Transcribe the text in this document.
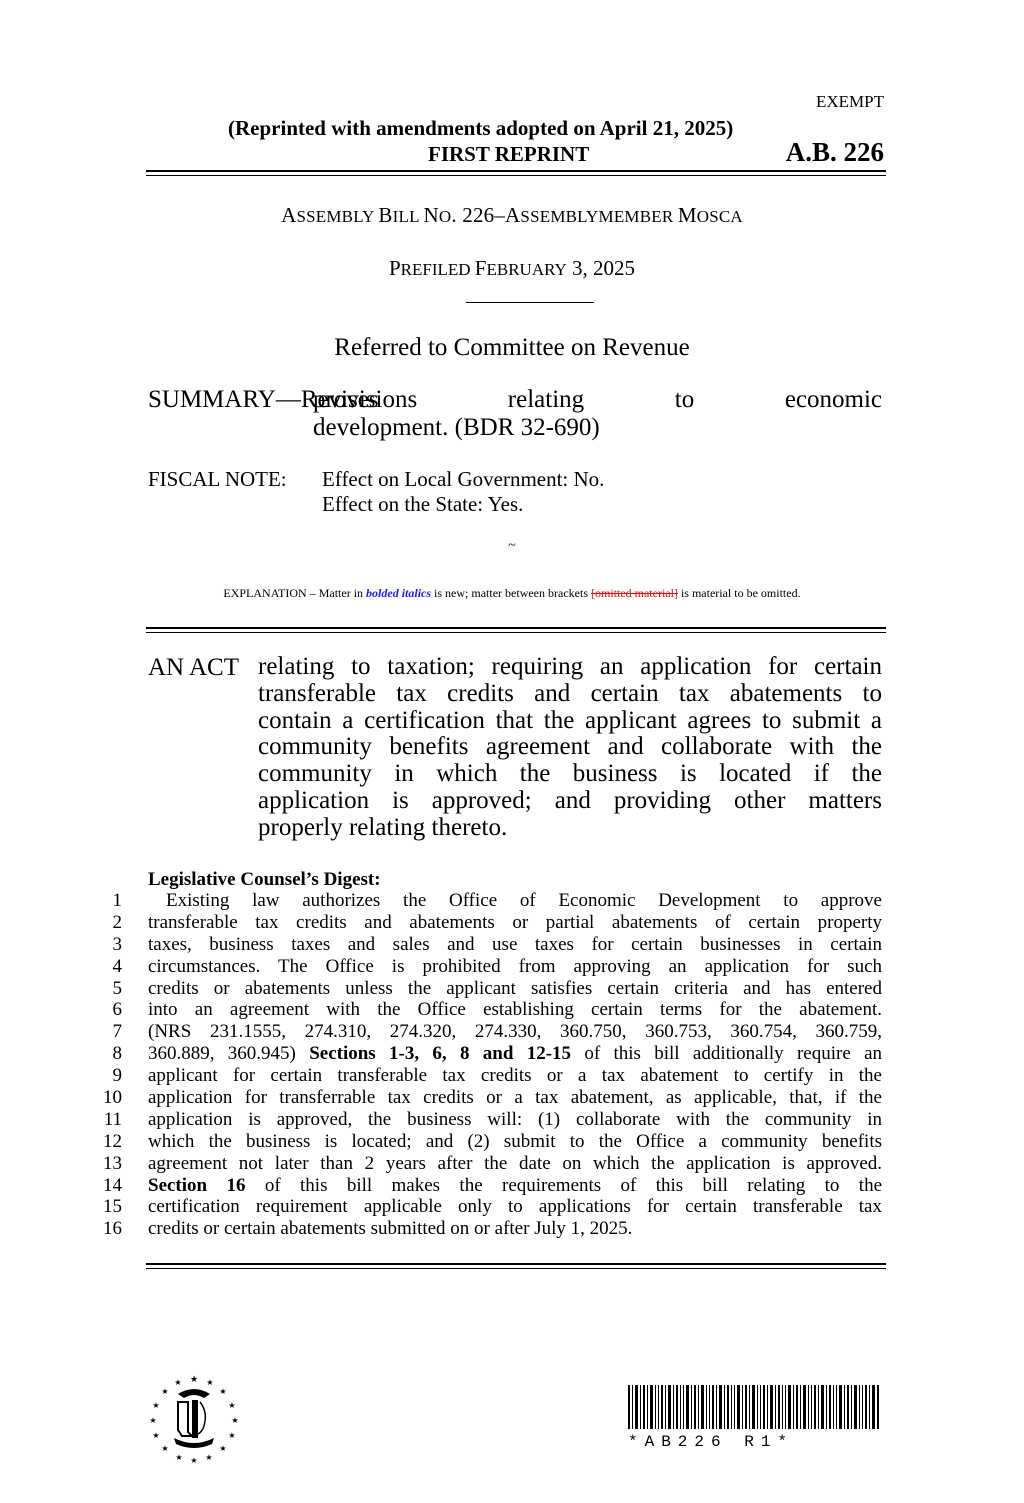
EXEMPT
(Reprinted with amendments adopted on April 21, 2025)
FIRST REPRINT	A.B. 226
ASSEMBLY BILL NO. 226–ASSEMBLYMEMBER MOSCA
PREFILED FEBRUARY 3, 2025
Referred to Committee on Revenue
SUMMARY—Revises
provisions relating to economic
development. (BDR 32-690)
FISCAL NOTE: Effect on Local Government: No.
Effect on the State: Yes.
~
EXPLANATION – Matter in bolded italics is new; matter between brackets [omitted material] is material to be omitted.
AN ACT relating to taxation; requiring an application for certain
transferable tax credits and certain tax abatements to
contain a certification that the applicant agrees to submit a
community benefits agreement and collaborate with the
community in which the business is located if the
application is approved; and providing other matters
properly relating thereto.
Legislative Counsel’s Digest:
1 Existing law authorizes the Office of Economic Development to approve
2 transferable tax credits and abatements or partial abatements of certain property
3 taxes, business taxes and sales and use taxes for certain businesses in certain
4 circumstances. The Office is prohibited from approving an application for such
5 credits or abatements unless the applicant satisfies certain criteria and has entered
6 into an agreement with the Office establishing certain terms for the abatement.
7 (NRS 231.1555, 274.310, 274.320, 274.330, 360.750, 360.753, 360.754, 360.759,
8 360.889, 360.945) Sections 1-3, 6, 8 and 12-15 of this bill additionally require an
9 applicant for certain transferable tax credits or a tax abatement to certify in the
10 application for transferrable tax credits or a tax abatement, as applicable, that, if the
11 application is approved, the business will: (1) collaborate with the community in
12 which the business is located; and (2) submit to the Office a community benefits
13 agreement not later than 2 years after the date on which the application is approved.
14 Section 16 of this bill makes the requirements of this bill relating to the
15 certification requirement applicable only to applications for certain transferable tax
16 credits or certain abatements submitted on or after July 1, 2025.
★
★	★
★	★
★	★
★	★
★	★
★	★
★	★
★
*AB226 R1*
